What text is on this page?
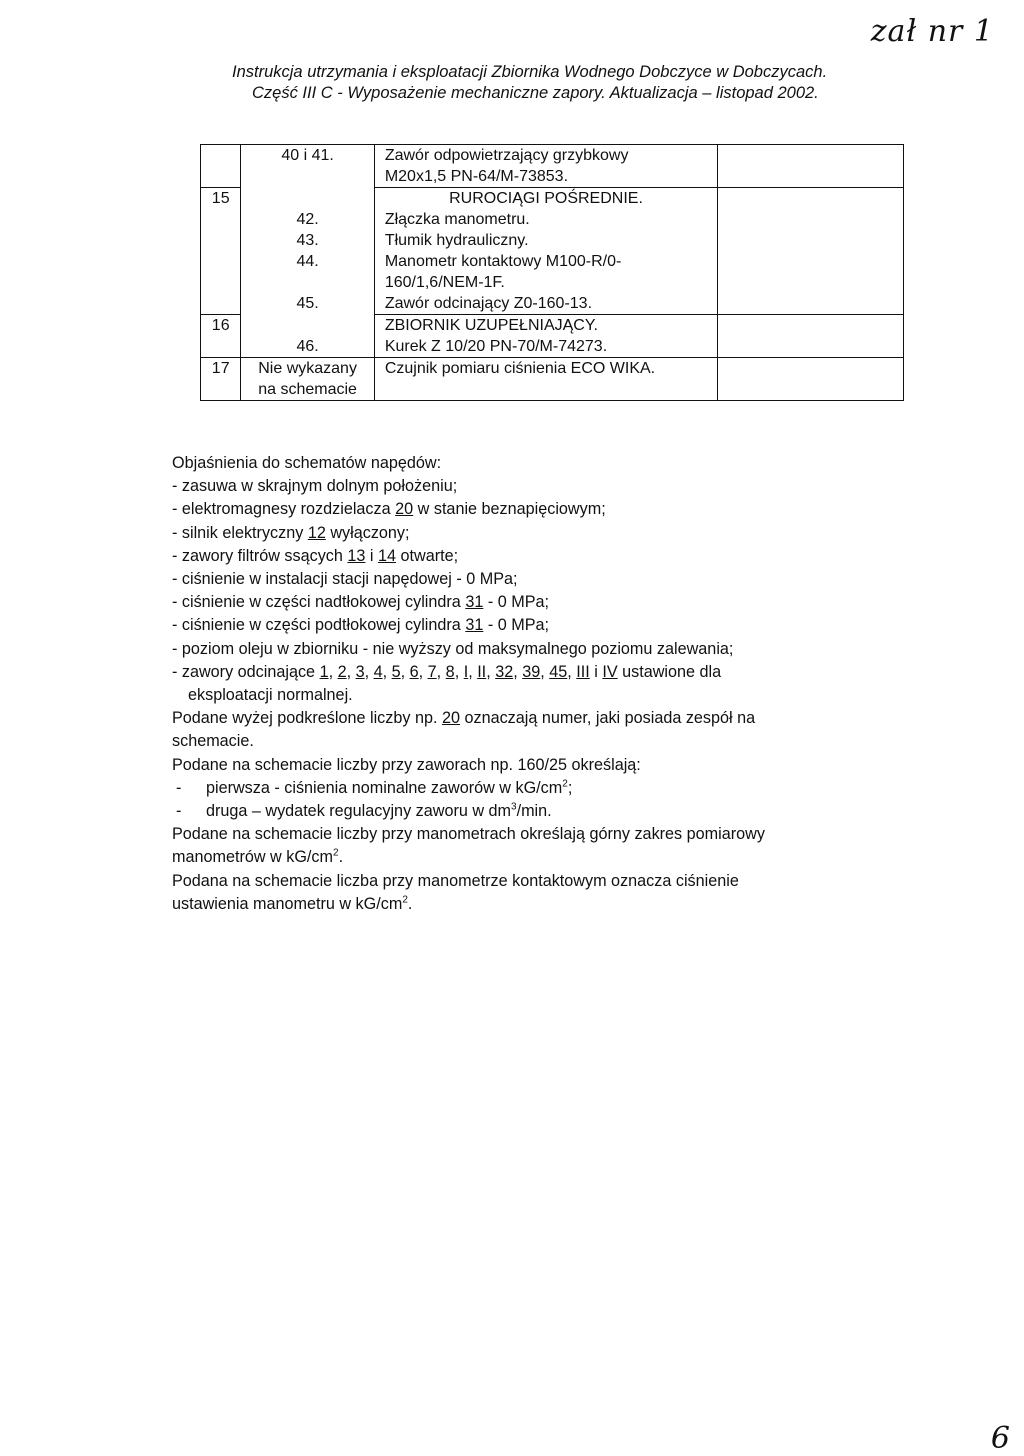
zał nr 1
Instrukcja utrzymania i eksploatacji Zbiornika Wodnego Dobczyce w Dobczycach.
Część III C - Wyposażenie mechaniczne zapory. Aktualizacja – listopad 2002.
	40 i 41.	Zawór odpowietrzający grzybkowy	
		M20x1,5 PN-64/M-73853.	
15		RUROCIĄGI POŚREDNIE.	
	42.	Złączka manometru.	
	43.	Tłumik hydrauliczny.	
	44.	Manometr kontaktowy M100-R/0-	
		160/1,6/NEM-1F.	
	45.	Zawór odcinający Z0-160-13.	
16		ZBIORNIK UZUPEŁNIAJĄCY.	
	46.	Kurek Z 10/20 PN-70/M-74273.	
17	Nie wykazany	Czujnik pomiaru ciśnienia ECO WIKA.	
	na schemacie		

Objaśnienia do schematów napędów:

- zasuwa w skrajnym dolnym położeniu;

- elektromagnesy rozdzielacza 20 w stanie beznapięciowym;

- silnik elektryczny 12 wyłączony;

- zawory filtrów ssących 13 i 14 otwarte;

- ciśnienie w instalacji stacji napędowej - 0 MPa;

- ciśnienie w części nadtłokowej cylindra 31 - 0 MPa;

- ciśnienie w części podtłokowej cylindra 31 - 0 MPa;

- poziom oleju w zbiorniku - nie wyższy od maksymalnego poziomu zalewania;

- zawory odcinające 1, 2, 3, 4, 5, 6, 7, 8, I, II, 32, 39, 45, III i IV ustawione dla

eksploatacji normalnej.

Podane wyżej podkreślone liczby np. 20 oznaczają numer, jaki posiada zespół na

schemacie.

Podane na schemacie liczby przy zaworach np. 160/25 określają:

- pierwsza - ciśnienia nominalne zaworów w $kG/cm^2$;

- druga – wydatek regulacyjny zaworu w $dm^3/\min$.

Podane na schemacie liczby przy manometrach określają górny zakres pomiarowy

manometrów w $kG/cm^2$.

Podana na schemacie liczba przy manometrze kontaktowym oznacza ciśnienie

ustawienia manometru w $kG/cm^2$.

6
